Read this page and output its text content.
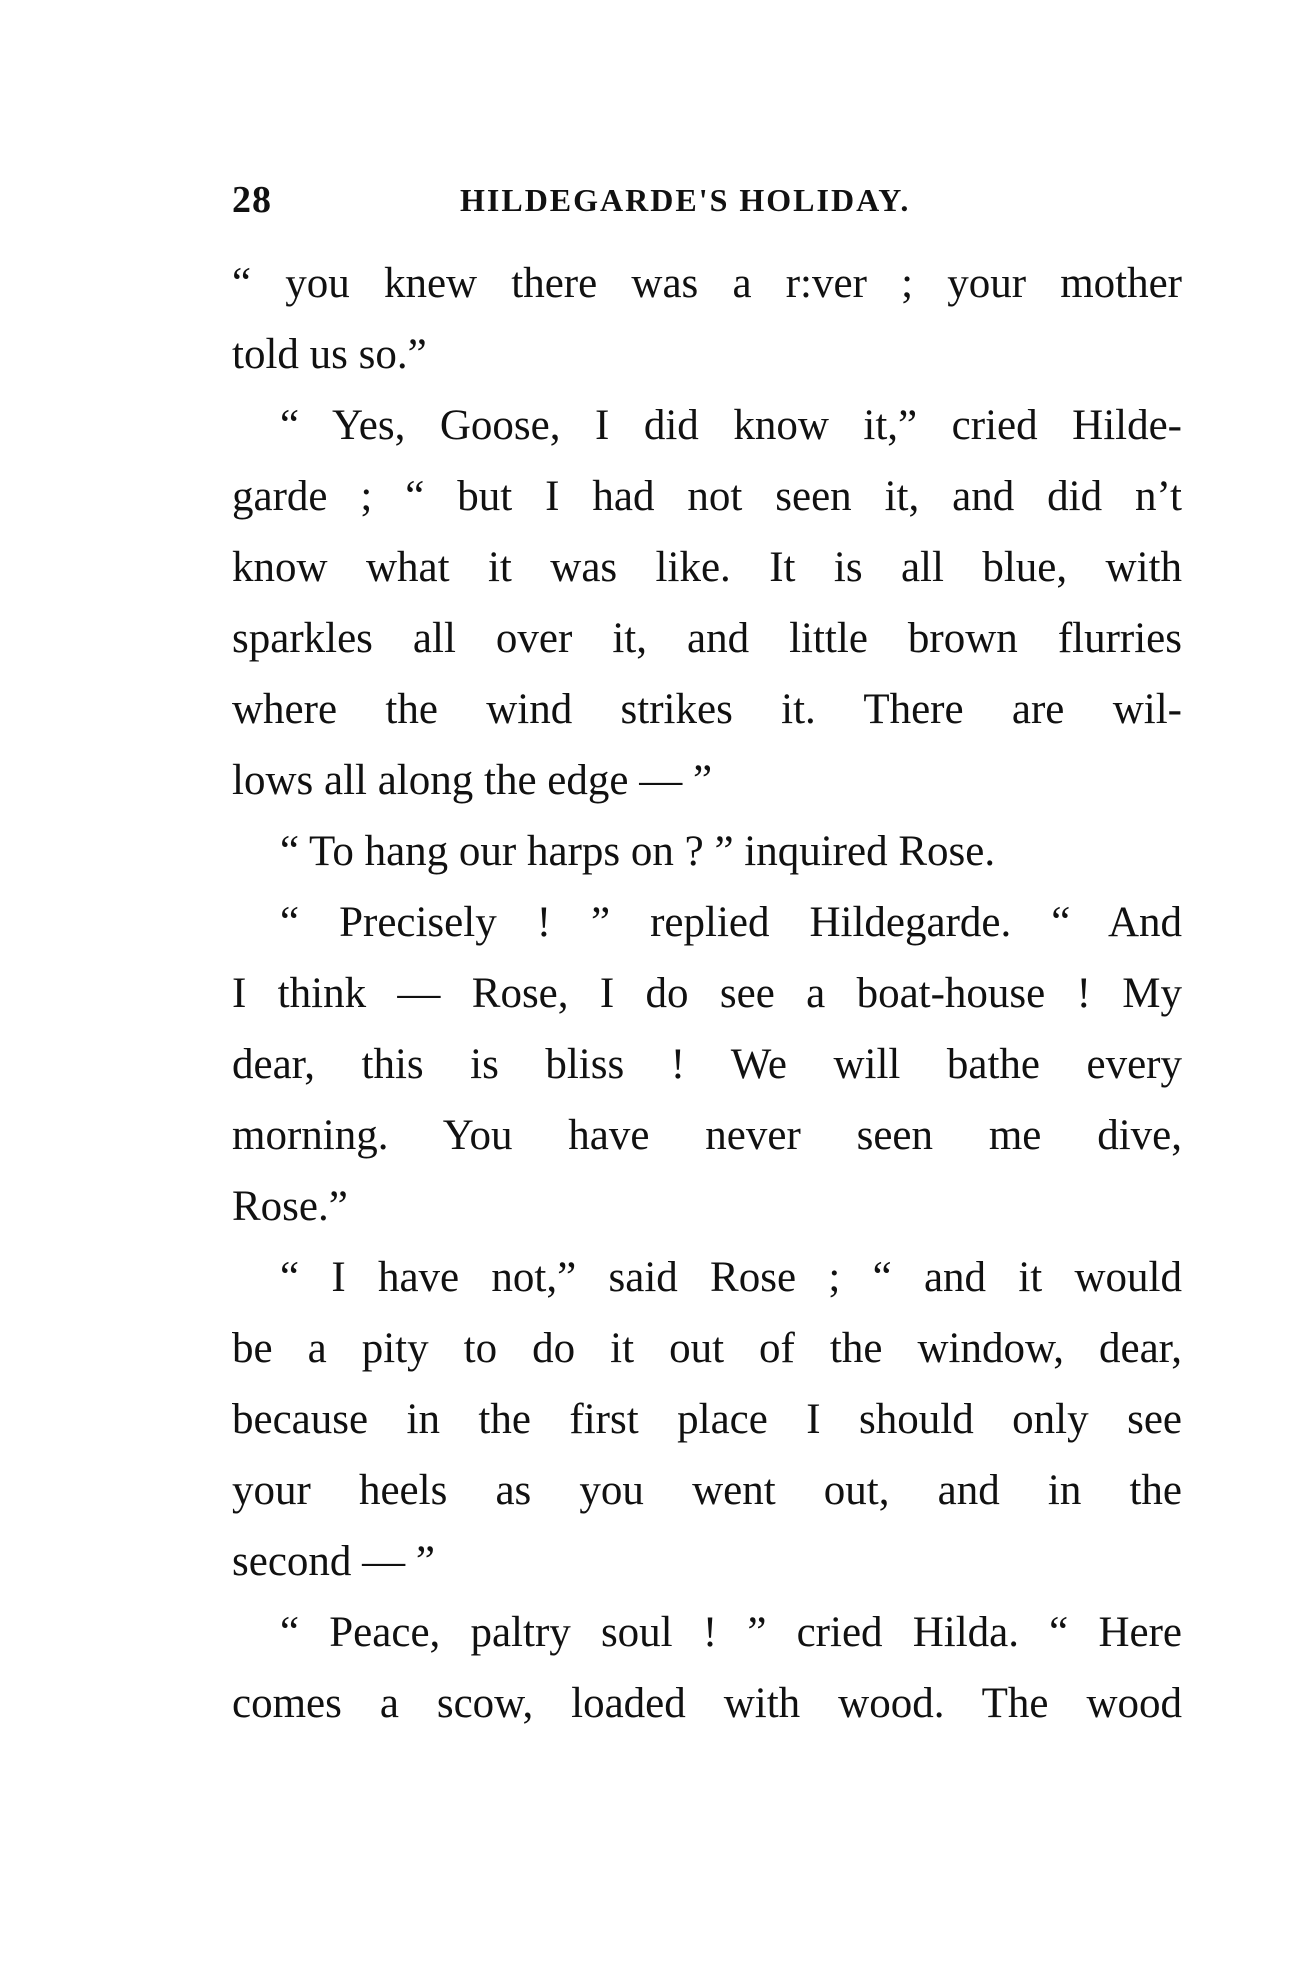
28	HILDEGARDE'S HOLIDAY.
“ you knew there was a r:ver ; your mother
told us so.”
“ Yes, Goose, I did know it,” cried Hilde-
garde ; “ but I had not seen it, and did n’t
know what it was like. It is all blue, with
sparkles all over it, and little brown flurries
where the wind strikes it. There are wil-
lows all along the edge — ”
“ To hang our harps on ? ” inquired Rose.
“ Precisely ! ” replied Hildegarde. “ And
I think — Rose, I do see a boat-house ! My
dear, this is bliss ! We will bathe every
morning. You have never seen me dive,
Rose.”
“ I have not,” said Rose ; “ and it would
be a pity to do it out of the window, dear,
because in the first place I should only see
your heels as you went out, and in the
second — ”
“ Peace, paltry soul ! ” cried Hilda. “ Here
comes a scow, loaded with wood. The wood
